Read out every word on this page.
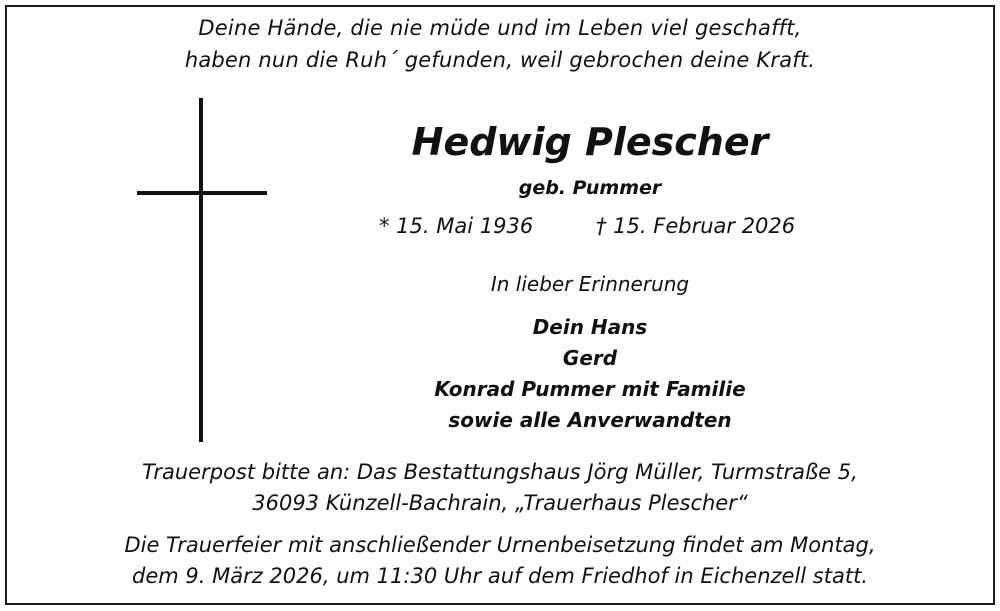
Deine Hände, die nie müde und im Leben viel geschafft,
haben nun die Ruh´ gefunden, weil gebrochen deine Kraft.
Hedwig Plescher
geb. Pummer
* 15. Mai 1936	† 15. Februar 2026
In lieber Erinnerung
Dein Hans
Gerd
Konrad Pummer mit Familie
sowie alle Anverwandten
Trauerpost bitte an: Das Bestattungshaus Jörg Müller, Turmstraße 5,
36093 Künzell-Bachrain, „Trauerhaus Plescher“
Die Trauerfeier mit anschließender Urnenbeisetzung findet am Montag,
dem 9. März 2026, um 11:30 Uhr auf dem Friedhof in Eichenzell statt.
